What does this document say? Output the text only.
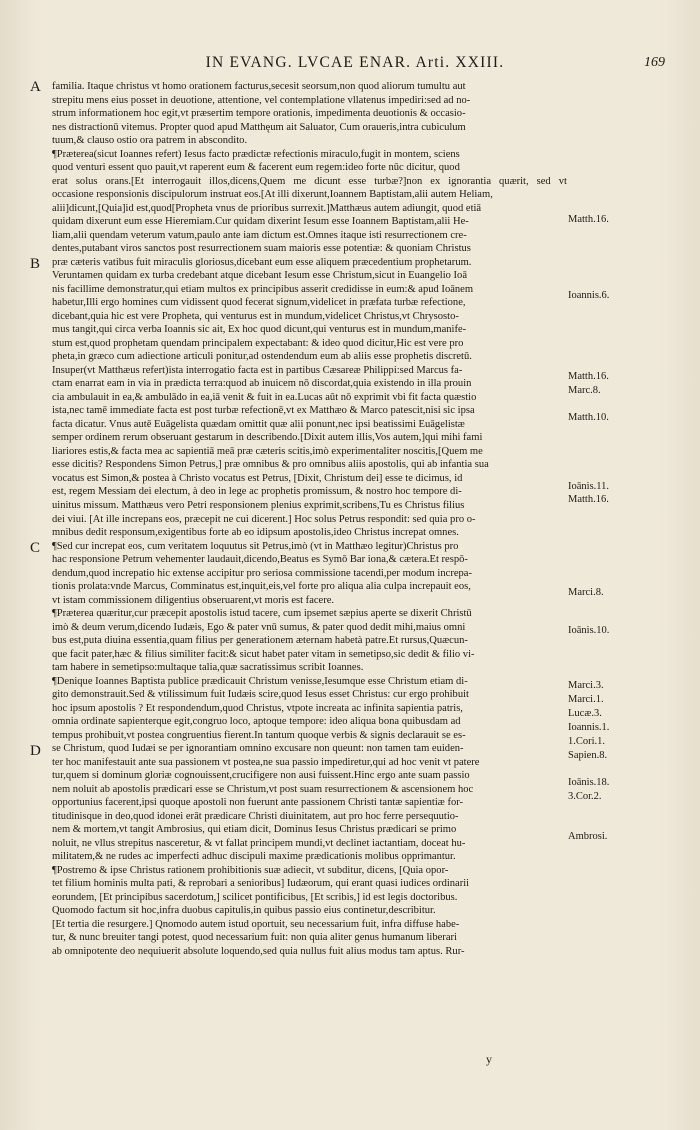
IN EVANG. LVCAE ENAR. Arti. XXIII.	169
A
B
C
D
Matth.16.
Ioannis.6.
Matth.16.
Marc.8.
Matth.10.
Ioānis.11.
Matth.16.
Marci.8.
Ioānis.10.
Marci.3.
Marci.1.
Lucæ.3.
Ioannis.1.
1.Cori.1.
Sapien.8.
Ioānis.18.
3.Cor.2.
Ambrosi.
familia. Itaque christus vt homo orationem facturus,secesit seorsum,non quod aliorum tumultu aut
strepitu mens eius posset in deuotione, attentione, vel contemplatione vllatenus impediri:sed ad no-
strum informationem hoc egit,vt præsertim tempore orationis, impedimenta deuotionis & occasio-
nes distractionū vitemus. Propter quod apud Matthęum ait Saluator, Cum oraueris,intra cubiculum
tuum,& clauso ostio ora patrem in abscondito.
¶Præterea(sicut Ioannes refert) Iesus facto prædictæ refectionis miraculo,fugit in montem, sciens
quod venturi essent quo pauit,vt raperent eum & facerent eum regem:ideo forte nūc dicitur, quod
erat solus orans.[Et interrogauit illos,dicens,Quem me dicunt esse turbæ?]non ex ignorantia quærit, sed vt
occasione responsionis discipulorum instruat eos.[At illi dixerunt,Ioannem Baptistam,alii autem Heliam,
alii]dicunt,[Quia]id est,quod[Propheta vnus de prioribus surrexit.]Matthæus autem adiungit, quod etiā
quidam dixerunt eum esse Hieremiam.Cur quidam dixerint Iesum esse Ioannem Baptistam,alii He-
liam,alii quendam veterum vatum,paulo ante iam dictum est.Omnes itaque isti resurrectionem cre-
dentes,putabant viros sanctos post resurrectionem suam maioris esse potentiæ: & quoniam Christus
præ cæteris vatibus fuit miraculis gloriosus,dicebant eum esse aliquem præcedentium prophetarum.
Veruntamen quidam ex turba credebant atque dicebant Iesum esse Christum,sicut in Euangelio Ioā
nis facillime demonstratur,qui etiam multos ex principibus asserit credidisse in eum:& apud Ioānem
habetur,Illi ergo homines cum vidissent quod fecerat signum,videlicet in præfata turbæ refectione,
dicebant,quia hic est vere Propheta, qui venturus est in mundum,videlicet Christus,vt Chrysosto-
mus tangit,qui circa verba Ioannis sic ait, Ex hoc quod dicunt,qui venturus est in mundum,manife-
stum est,quod prophetam quendam principalem expectabant: & ideo quod dicitur,Hic est vere pro
pheta,in græco cum adiectione articuli ponitur,ad ostendendum eum ab aliis esse prophetis discretū.
Insuper(vt Matthæus refert)ista interrogatio facta est in partibus Cæsareæ Philippi:sed Marcus fa-
ctam enarrat eam in via in prædicta terra:quod ab inuicem nō discordat,quia existendo in illa prouin
cia ambulauit in ea,& ambulādo in ea,iā venit & fuit in ea.Lucas aūt nō exprimit vbi fit facta quæstio
ista,nec tamē immediate facta est post turbæ refectionē,vt ex Matthæo & Marco patescit,nisi sic ipsa
facta dicatur. Vnus autē Euāgelista quædam omittit quæ alii ponunt,nec ipsi beatissimi Euāgelistæ
semper ordinem rerum obseruant gestarum in describendo.[Dixit autem illis,Vos autem,]qui mihi fami
liariores estis,& facta mea ac sapientiā meā præ cæteris scitis,imò experimentaliter noscitis,[Quem me
esse dicitis? Respondens Simon Petrus,] præ omnibus & pro omnibus aliis apostolis, qui ab infantia sua
vocatus est Simon,& postea à Christo vocatus est Petrus, [Dixit, Christum dei] esse te dicimus, id
est, regem Messiam dei electum, à deo in lege ac prophetis promissum, & nostro hoc tempore di-
uinitus missum. Matthæus vero Petri responsionem plenius exprimit,scribens,Tu es Christus filius
dei viui. [At ille increpans eos, præcepit ne cui dicerent.] Hoc solus Petrus respondit: sed quia pro o-
mnibus dedit responsum,exigentibus forte ab eo idipsum apostolis,ideo Christus increpat omnes.
¶Sed cur increpat eos, cum veritatem loquutus sit Petrus,imò (vt in Matthæo legitur)Christus pro
hac responsione Petrum vehementer laudauit,dicendo,Beatus es Symō Bar iona,& cætera.Et respō-
dendum,quod increpatio hic extense accipitur pro seriosa commissione tacendi,per modum increpa-
tionis prolata:vnde Marcus, Comminatus est,inquit,eis,vel forte pro aliqua alia culpa increpauit eos,
vt istam commissionem diligentius obseruarent,vt moris est facere.
¶Præterea quæritur,cur præcepit apostolis istud tacere, cum ipsemet sæpius aperte se dixerit Christū
imò & deum verum,dicendo Iudæis, Ego & pater vnū sumus, & pater quod dedit mihi,maius omni
bus est,puta diuina essentia,quam filius per generationem æternam habetà patre.Et rursus,Quæcun-
que facit pater,hæc & filius similiter facit:& sicut habet pater vitam in semetipso,sic dedit & filio vi-
tam habere in semetipso:multaque talia,quæ sacratissimus scribit Ioannes.
¶Denique Ioannes Baptista publice prædicauit Christum venisse,Iesumque esse Christum etiam di-
gito demonstrauit.Sed & vtilissimum fuit Iudæis scire,quod Iesus esset Christus: cur ergo prohibuit
hoc ipsum apostolis ? Et respondendum,quod Christus, vtpote increata ac infinita sapientia patris,
omnia ordinate sapienterque egit,congruo loco, aptoque tempore: ideo aliqua bona quibusdam ad
tempus prohibuit,vt postea congruentius fierent.In tantum quoque verbis & signis declarauit se es-
se Christum, quod Iudæi se per ignorantiam omnino excusare non queunt: non tamen tam euiden-
ter hoc manifestauit ante sua passionem vt postea,ne sua passio impediretur,qui ad hoc venit vt patere
tur,quem si dominum gloriæ cognouissent,crucifigere non ausi fuissent.Hinc ergo ante suam passio
nem noluit ab apostolis prædicari esse se Christum,vt post suam resurrectionem & ascensionem hoc
opportunius facerent,ipsi quoque apostoli non fuerunt ante passionem Christi tantæ sapientiæ for-
titudinisque in deo,quod idonei erāt prædicare Christi diuinitatem, aut pro hoc ferre persequutio-
nem & mortem,vt tangit Ambrosius, qui etiam dicit, Dominus Iesus Christus prædicari se primo
noluit, ne vllus strepitus nasceretur, & vt fallat principem mundi,vt declinet iactantiam, doceat hu-
militatem,& ne rudes ac imperfecti adhuc discipuli maxime prædicationis molibus opprimantur.
¶Postremo & ipse Christus rationem prohibitionis suæ adiecit, vt subditur, dicens, [Quia opor-
tet filium hominis multa pati, & reprobari a senioribus] Iudæorum, qui erant quasi iudices ordinarii
eorundem, [Et principibus sacerdotum,] scilicet pontificibus, [Et scribis,] id est legis doctoribus.
Quomodo factum sit hoc,infra duobus capitulis,in quibus passio eius continetur,describitur.
[Et tertia die resurgere.] Qnomodo autem istud oportuit, seu necessarium fuit, infra diffuse habe-
tur, & nunc breuiter tangi potest, quod necessarium fuit: non quia aliter genus humanum liberari
ab omnipotente deo nequiuerit absolute loquendo,sed quia nullus fuit alius modus tam aptus. Rur-
y
